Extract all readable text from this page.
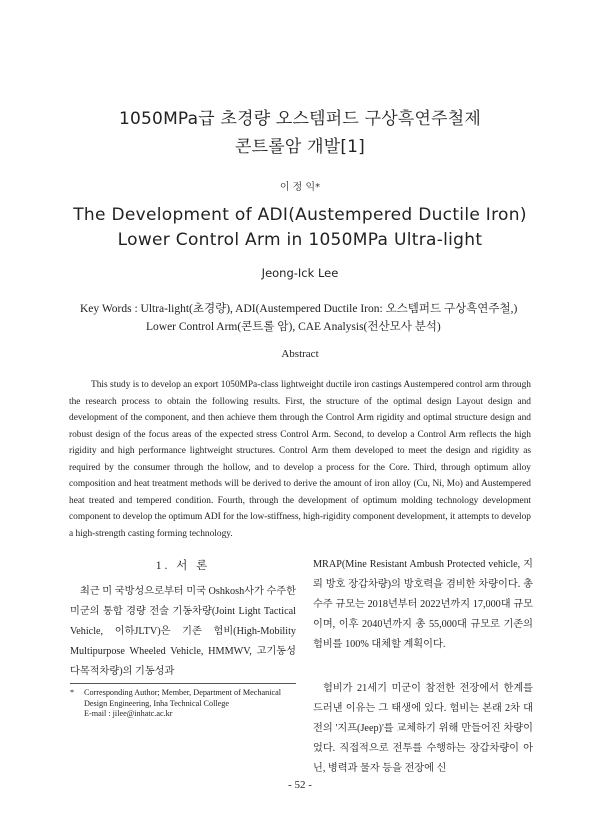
1050MPa급 초경량 오스템퍼드 구상흑연주철제
콘트롤암 개발[1]
이 정 익*
The Development of ADI(Austempered Ductile Iron)
Lower Control Arm in 1050MPa Ultra-light
Jeong-Ick Lee
Key Words : Ultra-light(초경량), ADI(Austempered Ductile Iron: 오스템퍼드 구상흑연주철,)
Lower Control Arm(콘트롤 암), CAE Analysis(전산모사 분석)
Abstract
This study is to develop an export 1050MPa-class lightweight ductile iron castings Austempered control arm through the research process to obtain the following results. First, the structure of the optimal design Layout design and development of the component, and then achieve them through the Control Arm rigidity and optimal structure design and robust design of the focus areas of the expected stress Control Arm. Second, to develop a Control Arm reflects the high rigidity and high performance lightweight structures. Control Arm them developed to meet the design and rigidity as required by the consumer through the hollow, and to develop a process for the Core. Third, through optimum alloy composition and heat treatment methods will be derived to derive the amount of iron alloy (Cu, Ni, Mo) and Austempered heat treated and tempered condition. Fourth, through the development of optimum molding technology development component to develop the optimum ADI for the low-stiffness, high-rigidity component development, it attempts to develop a high-strength casting forming technology.
1. 서 론
최근 미 국방성으로부터 미국 Oshkosh사가 수주한 미군의 통합 경량 전술 기동차량(Joint Light Tactical Vehicle, 이하JLTV)은 기존 험비(High-Mobility Multipurpose Wheeled Vehicle, HMMWV, 고기동성 다목적차량)의 기동성과
* Corresponding Author; Member, Department of Mechanical Design Engineering, Inha Technical College
E-mail : jilee@inhatc.ac.kr
MRAP(Mine Resistant Ambush Protected vehicle, 지뢰 방호 장갑차량)의 방호력을 겸비한 차량이다. 총 수주 규모는 2018년부터 2022년까지 17,000대 규모이며, 이후 2040년까지 총 55,000대 규모로 기존의 험비를 100% 대체할 계획이다.
험비가 21세기 미군이 참전한 전장에서 한계를 드러낸 이유는 그 태생에 있다. 험비는 본래 2차 대전의 '지프(Jeep)'를 교체하기 위해 만들어진 차량이었다. 직접적으로 전투를 수행하는 장갑차량이 아닌, 병력과 물자 등을 전장에 신
- 52 -
